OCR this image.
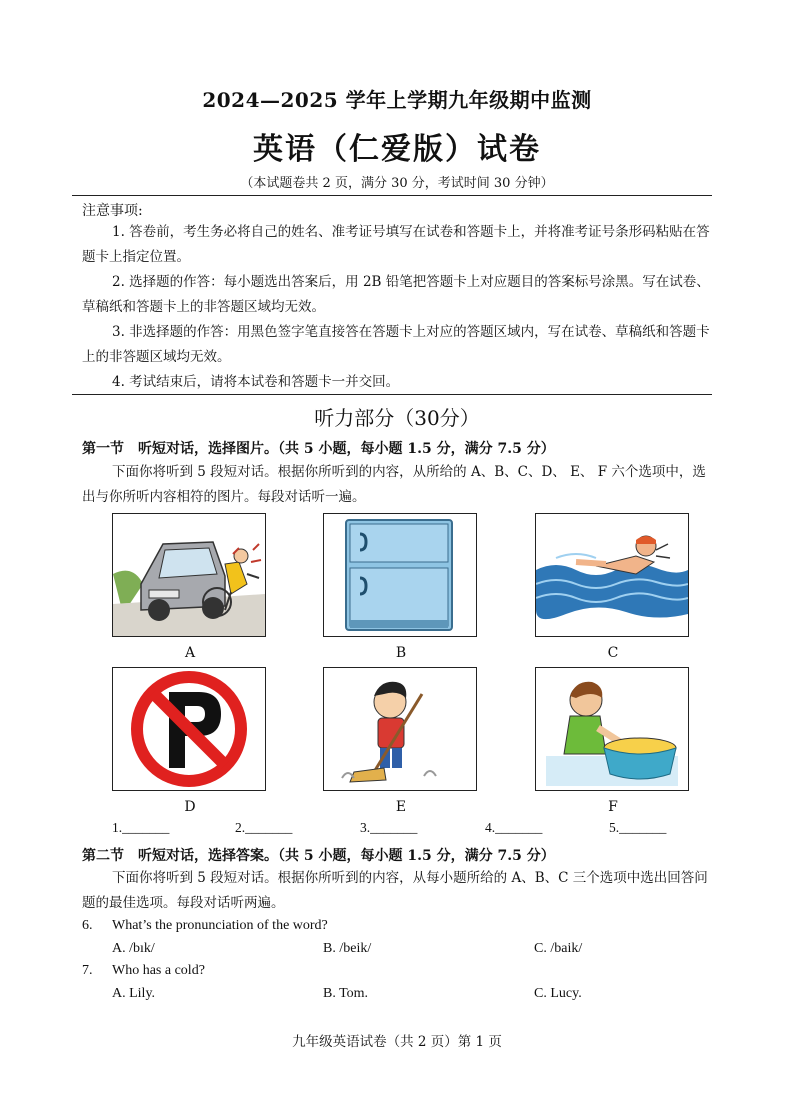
2024—2025 学年上学期九年级期中监测
英语（仁爱版）试卷
（本试题卷共 2 页，满分 30 分，考试时间 30 分钟）
注意事项:
1. 答卷前，考生务必将自己的姓名、准考证号填写在试卷和答题卡上，并将准考证号条形码粘贴在答题卡上指定位置。
2. 选择题的作答：每小题选出答案后，用 2B 铅笔把答题卡上对应题目的答案标号涂黑。写在试卷、草稿纸和答题卡上的非答题区域均无效。
3. 非选择题的作答：用黑色签字笔直接答在答题卡上对应的答题区域内，写在试卷、草稿纸和答题卡上的非答题区域均无效。
4. 考试结束后，请将本试卷和答题卡一并交回。
听力部分（30分）
第一节　听短对话，选择图片。（共 5 小题，每小题 1.5 分，满分 7.5 分）
下面你将听到 5 段短对话。根据你所听到的内容，从所给的 A、B、C、D、 E、 F 六个选项中，选出与你所听内容相符的图片。每段对话听一遍。
A	B	C
D	E	F
1._______	2._______	3._______	4._______	5._______
第二节　听短对话，选择答案。（共 5 小题，每小题 1.5 分，满分 7.5 分）
下面你将听到 5 段短对话。根据你所听到的内容，从每小题所给的 A、B、C 三个选项中选出回答问题的最佳选项。每段对话听两遍。
6. What’s the pronunciation of the word?
A. /bık/	B. /beik/	C. /baik/
7. Who has a cold?
A. Lily.	B. Tom.	C. Lucy.
九年级英语试卷（共 2 页）第 1 页
